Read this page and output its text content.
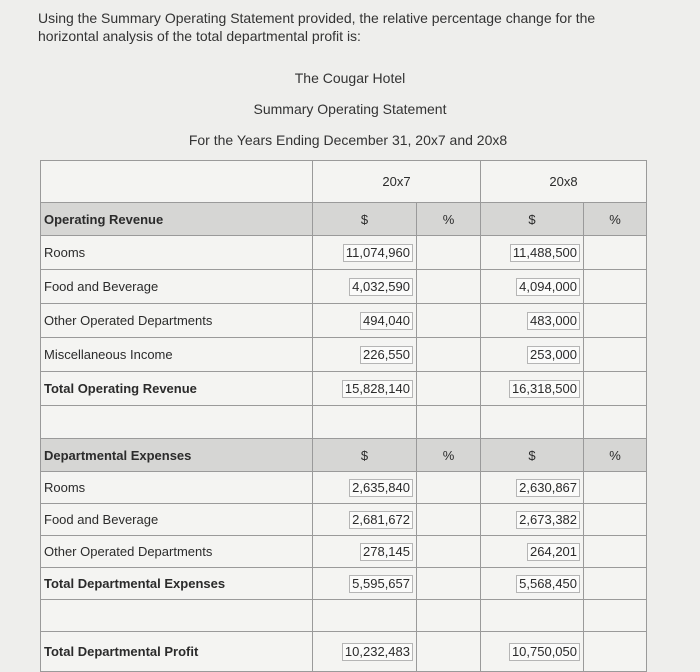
Using the Summary Operating Statement provided, the relative percentage change for the horizontal analysis of the total departmental profit is:
The Cougar Hotel
Summary Operating Statement
For the Years Ending December 31, 20x7 and 20x8
	20x7		20x8	
Operating Revenue	$	%	$	%
Rooms	11,074,960		11,488,500	
Food and Beverage	4,032,590		4,094,000	
Other Operated Departments	494,040		483,000	
Miscellaneous Income	226,550		253,000	
Total Operating Revenue	15,828,140		16,318,500	

Departmental Expenses	$	%	$	%
Rooms	2,635,840		2,630,867	
Food and Beverage	2,681,672		2,673,382	
Other Operated Departments	278,145		264,201	
Total Departmental Expenses	5,595,657		5,568,450	

Total Departmental Profit	10,232,483		10,750,050	
